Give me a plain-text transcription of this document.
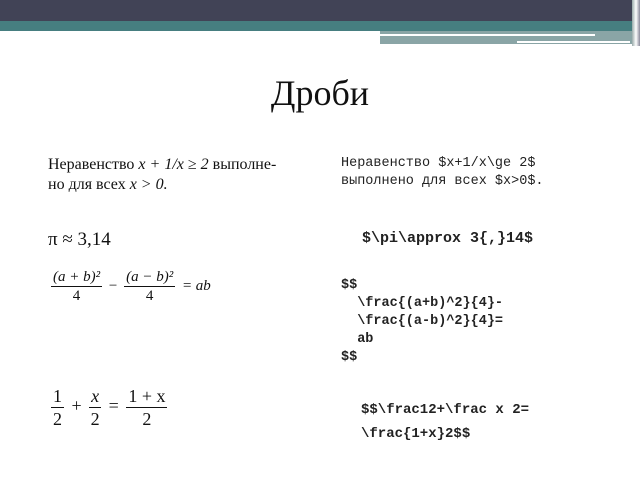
Дроби
Неравенство x + 1/x ≥ 2 выполне-
но для всех x > 0.
π ≈ 3,14
$\frac{\text{(a + b)²}}{4} - \frac{\text{(a − b)²}}{4}$ = ab
$\frac{1}{2} + \frac{x}{2} = \frac{1 + x}{2}$
Неравенство $x+1/x\ge 2$
выполнено для всех $x>0$.
$\pi\approx 3{,}14$
$$
\frac{(a+b)^2}{4}-
\frac{(a-b)^2}{4}=
ab
$$
$$\frac12+\frac x 2=
\frac{1+x}2$$
